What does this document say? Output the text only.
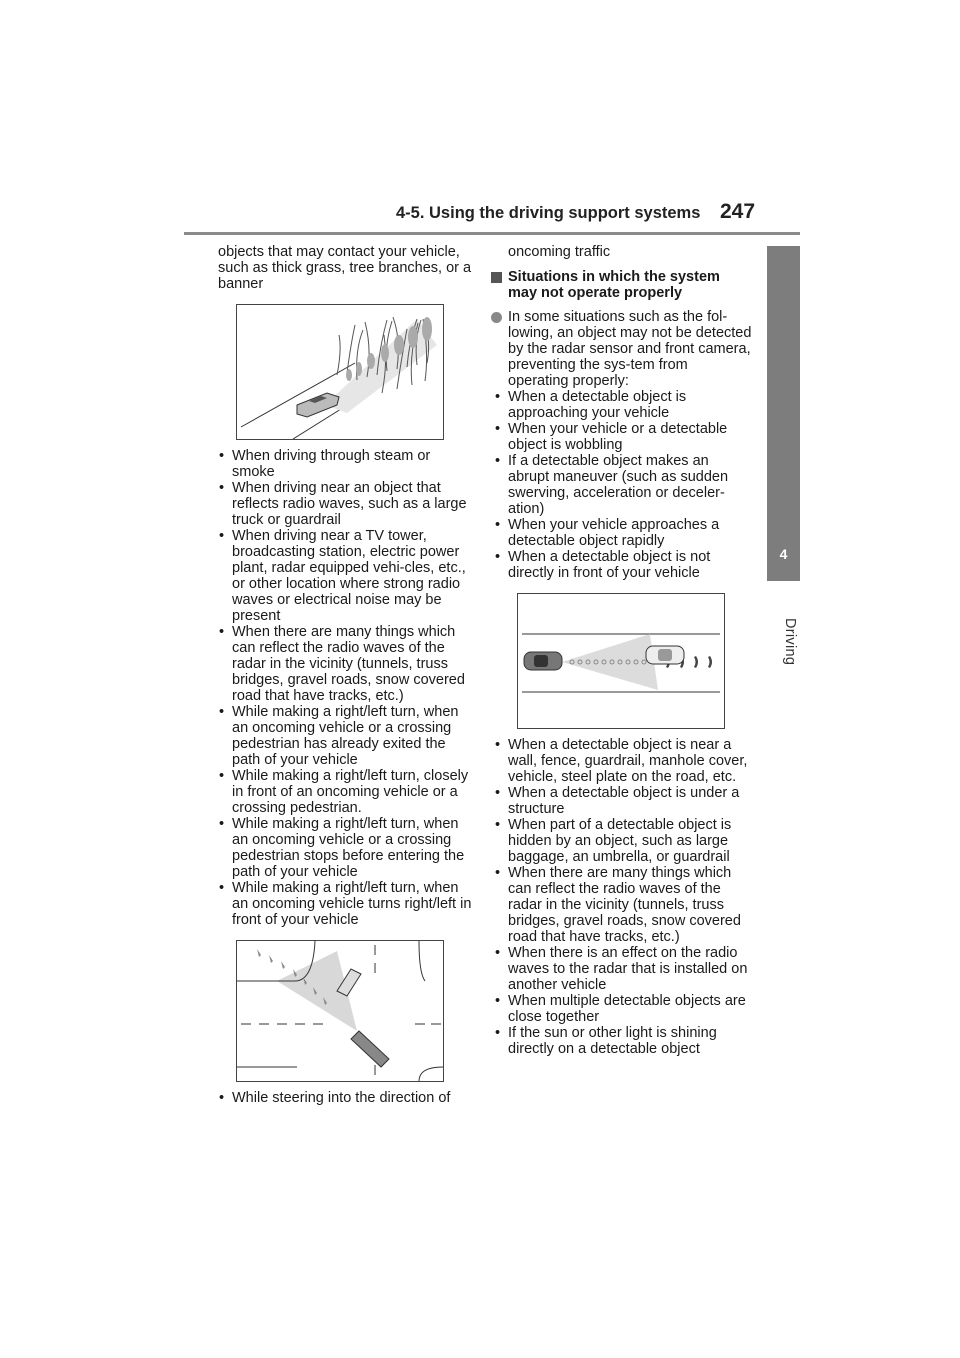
4-5. Using the driving support systems 247
4
Driving
objects that may contact your vehicle, such as thick grass, tree branches, or a banner
• When driving through steam or smoke
• When driving near an object that reflects radio waves, such as a large truck or guardrail
• When driving near a TV tower, broadcasting station, electric power plant, radar equipped vehi-cles, etc., or other location where strong radio waves or electrical noise may be present
• When there are many things which can reflect the radio waves of the radar in the vicinity (tunnels, truss bridges, gravel roads, snow covered road that have tracks, etc.)
• While making a right/left turn, when an oncoming vehicle or a crossing pedestrian has already exited the path of your vehicle
• While making a right/left turn, closely in front of an oncoming vehicle or a crossing pedestrian.
• While making a right/left turn, when an oncoming vehicle or a crossing pedestrian stops before entering the path of your vehicle
• While making a right/left turn, when an oncoming vehicle turns right/left in front of your vehicle
• While steering into the direction of
oncoming traffic
Situations in which the system may not operate properly
In some situations such as the fol-lowing, an object may not be detected by the radar sensor and front camera, preventing the sys-tem from operating properly:
• When a detectable object is approaching your vehicle
• When your vehicle or a detectable object is wobbling
• If a detectable object makes an abrupt maneuver (such as sudden swerving, acceleration or deceler-ation)
• When your vehicle approaches a detectable object rapidly
• When a detectable object is not directly in front of your vehicle
• When a detectable object is near a wall, fence, guardrail, manhole cover, vehicle, steel plate on the road, etc.
• When a detectable object is under a structure
• When part of a detectable object is hidden by an object, such as large baggage, an umbrella, or guardrail
• When there are many things which can reflect the radio waves of the radar in the vicinity (tunnels, truss bridges, gravel roads, snow covered road that have tracks, etc.)
• When there is an effect on the radio waves to the radar that is installed on another vehicle
• When multiple detectable objects are close together
• If the sun or other light is shining directly on a detectable object
